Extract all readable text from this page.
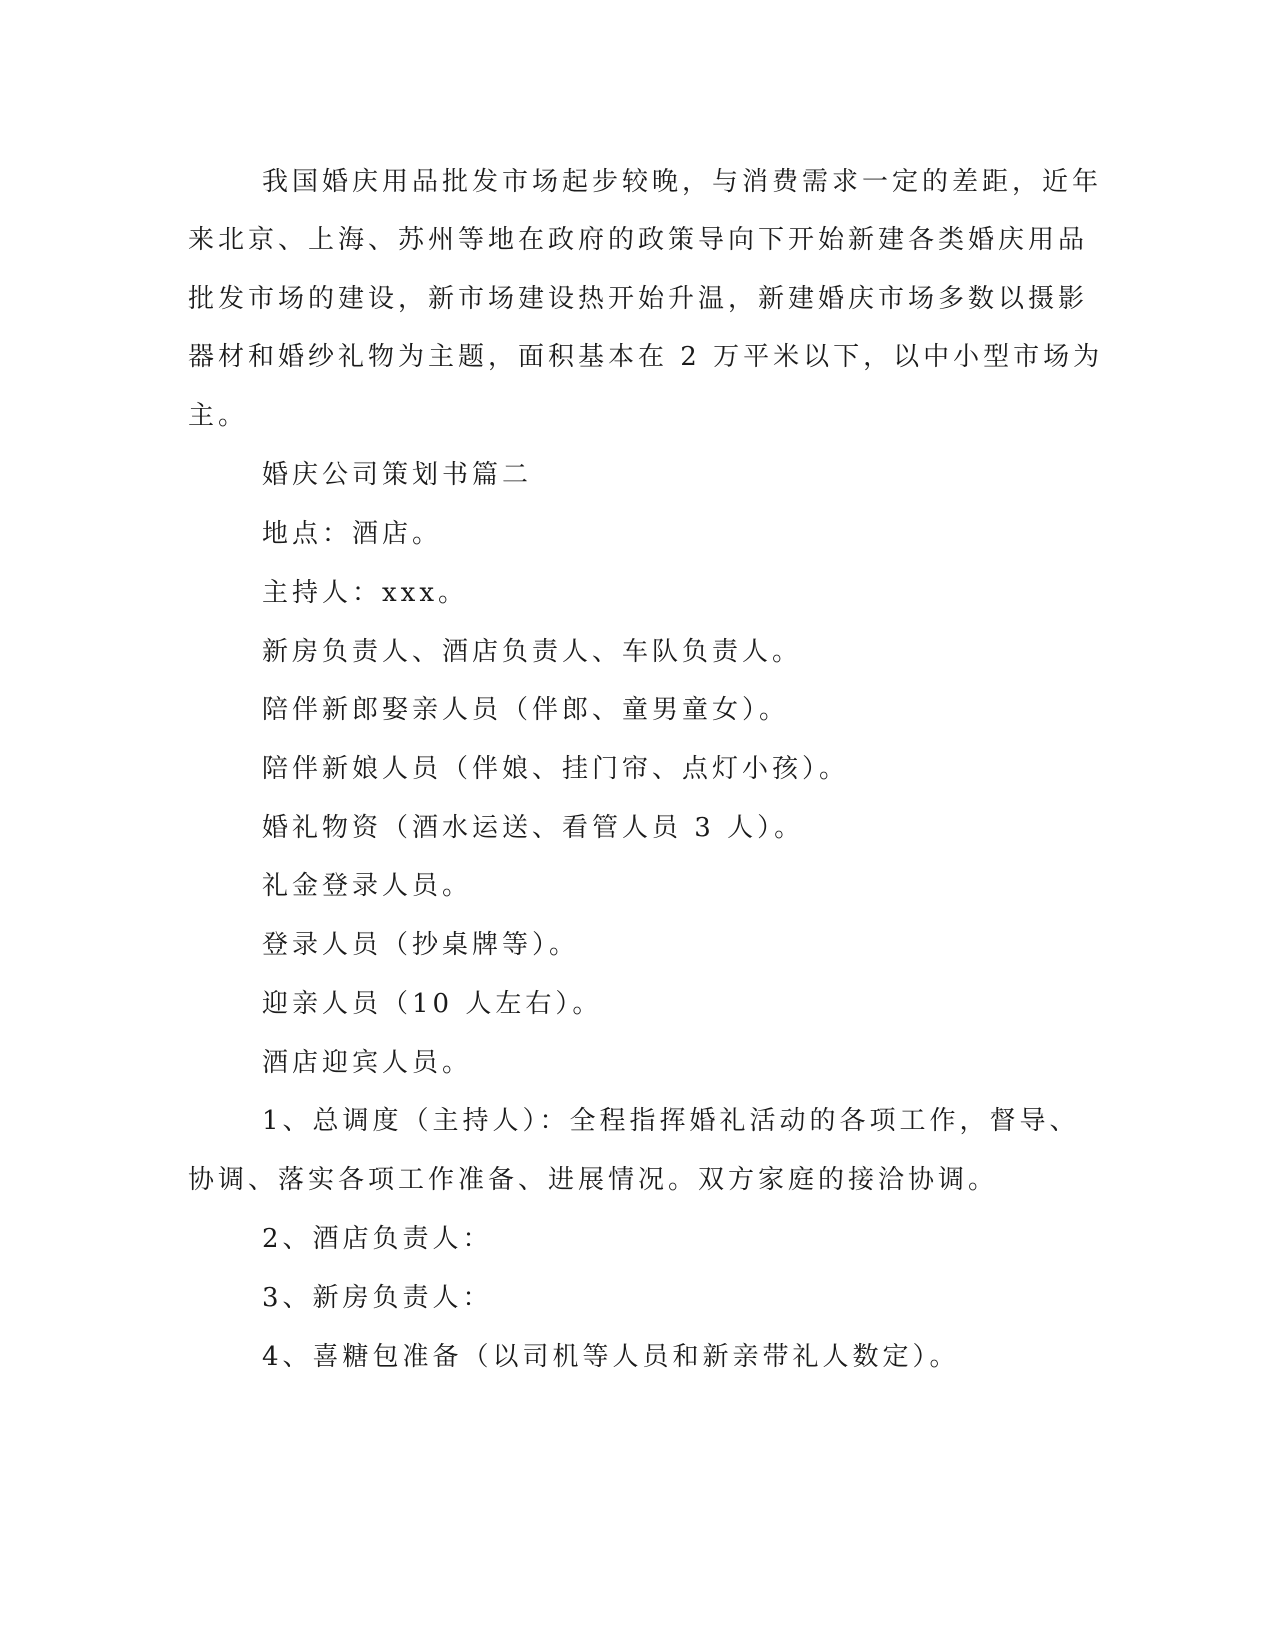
我国婚庆用品批发市场起步较晚，与消费需求一定的差距，近年

来北京、上海、苏州等地在政府的政策导向下开始新建各类婚庆用品

批发市场的建设，新市场建设热开始升温，新建婚庆市场多数以摄影

器材和婚纱礼物为主题，面积基本在 2 万平米以下，以中小型市场为

主。

婚庆公司策划书篇二

地点：酒店。

主持人：xxx。

新房负责人、酒店负责人、车队负责人。

陪伴新郎娶亲人员（伴郎、童男童女）。

陪伴新娘人员（伴娘、挂门帘、点灯小孩）。

婚礼物资（酒水运送、看管人员 3 人）。

礼金登录人员。

登录人员（抄桌牌等）。

迎亲人员（10 人左右）。

酒店迎宾人员。

1、总调度（主持人）：全程指挥婚礼活动的各项工作，督导、

协调、落实各项工作准备、进展情况。双方家庭的接洽协调。

2、酒店负责人：

3、新房负责人：

4、喜糖包准备（以司机等人员和新亲带礼人数定）。
